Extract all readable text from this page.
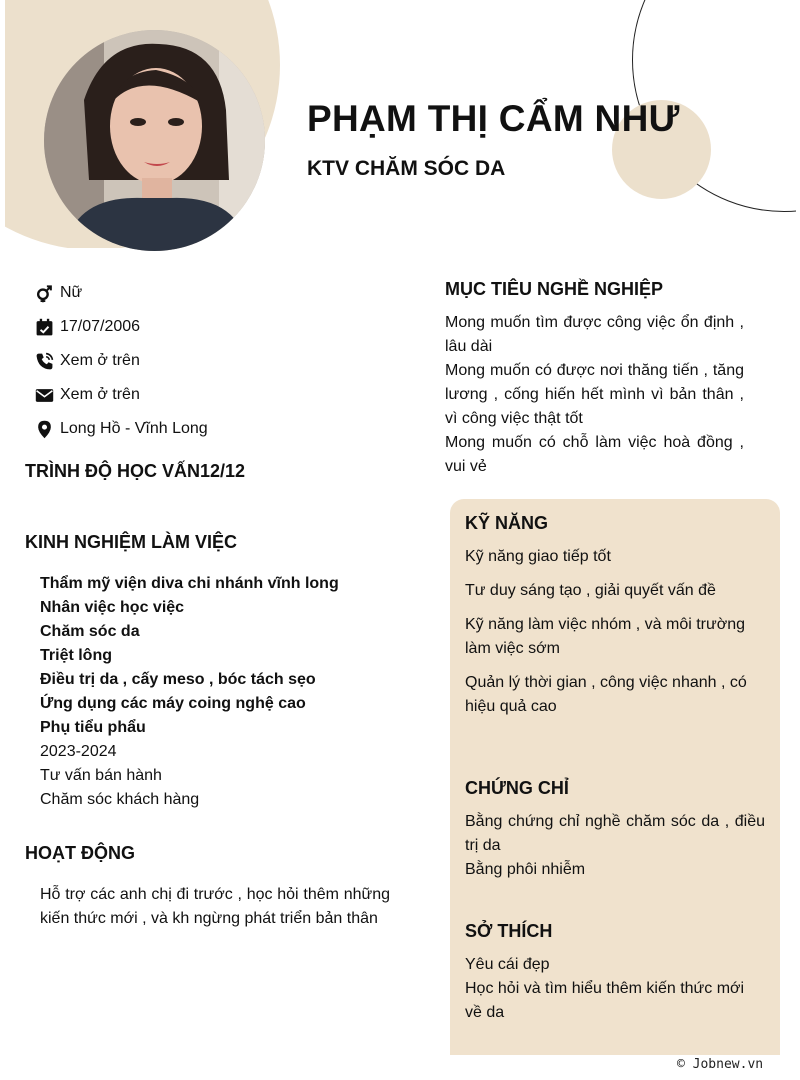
PHẠM THỊ CẨM NHƯ
KTV CHĂM SÓC DA
Nữ
17/07/2006
Xem ở trên
Xem ở trên
Long Hồ - Vĩnh Long
TRÌNH ĐỘ HỌC VẤN12/12
KINH NGHIỆM LÀM VIỆC
Thẩm mỹ viện diva chi nhánh vĩnh long
Nhân việc học việc
Chăm sóc da
Triệt lông
Điều trị da , cấy meso , bóc tách sẹo
Ứng dụng các máy coing nghệ cao
Phụ tiểu phẩu
2023-2024
Tư vấn bán hành
Chăm sóc khách hàng
HOẠT ĐỘNG
Hỗ trợ các anh chị đi trước , học hỏi thêm những kiến thức mới , và kh ngừng phát triển bản thân
MỤC TIÊU NGHỀ NGHIỆP
Mong muốn tìm được công việc ổn định , lâu dài
Mong muốn có được nơi thăng tiến , tăng lương , cống hiến hết mình vì bản thân , vì công việc thật tốt
Mong muốn có chỗ làm việc hoà đồng , vui vẻ
KỸ NĂNG
Kỹ năng giao tiếp tốt
Tư duy sáng tạo , giải quyết vấn đề
Kỹ năng làm việc nhóm , và môi trường làm việc sớm
Quản lý thời gian , công việc nhanh , có hiệu quả cao
CHỨNG CHỈ
Bằng chứng chỉ nghề chăm sóc da , điều trị da
Bằng phôi nhiễm
SỞ THÍCH
Yêu cái đẹp
Học hỏi và tìm hiểu thêm kiến thức mới về da
© Jobnew.vn
